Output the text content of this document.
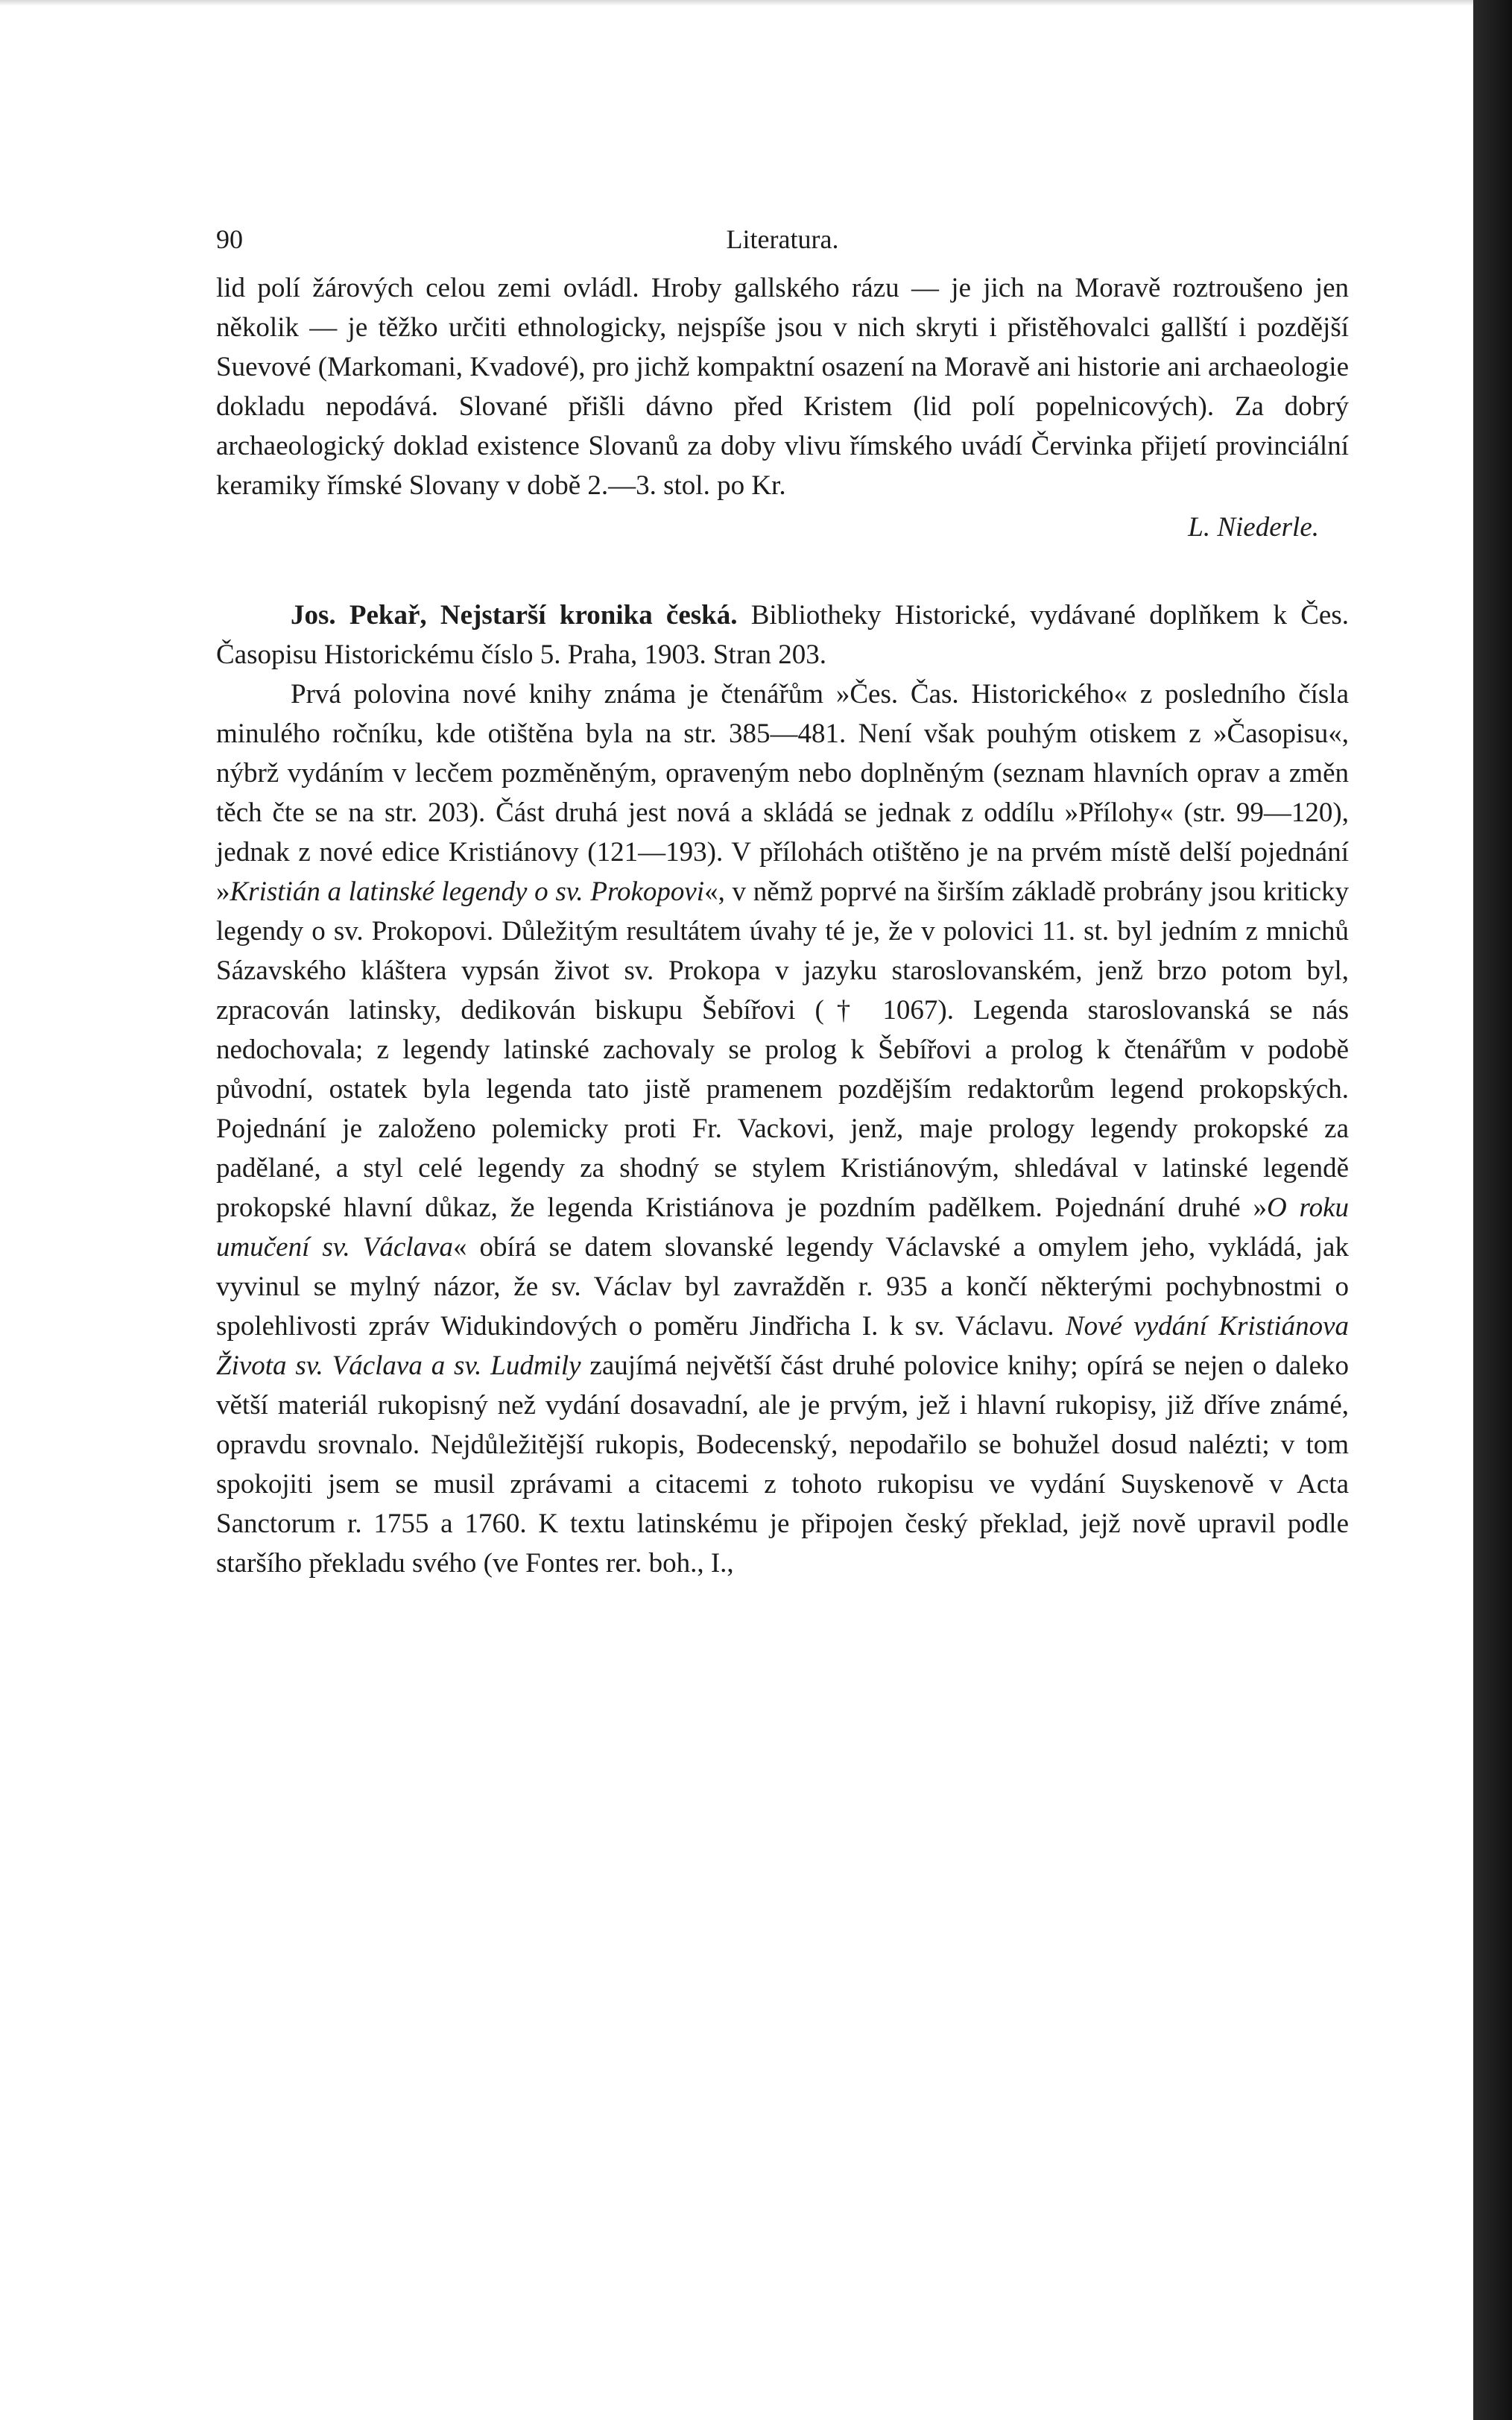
90	Literatura.

lid polí žárových celou zemi ovládl. Hroby gallského rázu — je jich na Moravě roztroušeno jen několik — je těžko určiti ethnologicky, nejspíše jsou v nich skryti i přistěhovalci gallští i pozdější Suevové (Markomani, Kvadové), pro jichž kompaktní osazení na Moravě ani historie ani archaeologie dokladu nepodává. Slované přišli dávno před Kristem (lid polí popelnicových). Za dobrý archaeologický doklad existence Slovanů za doby vlivu římského uvádí Červinka přijetí provinciální keramiky římské Slovany v době 2.—3. stol. po Kr.

L. Niederle.

Jos. Pekař, Nejstarší kronika česká. Bibliotheky Historické, vydávané doplňkem k Čes. Časopisu Historickému číslo 5. Praha, 1903. Stran 203.

Prvá polovina nové knihy známa je čtenářům »Čes. Čas. Historického« z posledního čísla minulého ročníku, kde otištěna byla na str. 385—481. Není však pouhým otiskem z »Časopisu«, nýbrž vydáním v lecčem pozměněným, opraveným nebo doplněným (seznam hlavních oprav a změn těch čte se na str. 203). Část druhá jest nová a skládá se jednak z oddílu »Přílohy« (str. 99—120), jednak z nové edice Kristiánovy (121—193). V přílohách otištěno je na prvém místě delší pojednání »Kristián a latinské legendy o sv. Prokopovi«, v němž poprvé na širším základě probrány jsou kriticky legendy o sv. Prokopovi. Důležitým resultátem úvahy té je, že v polovici 11. st. byl jedním z mnichů Sázavského kláštera vypsán život sv. Prokopa v jazyku staroslovanském, jenž brzo potom byl, zpracován latinsky, dedikován biskupu Šebířovi († 1067). Legenda staroslovanská se nás nedochovala; z legendy latinské zachovaly se prolog k Šebířovi a prolog k čtenářům v podobě původní, ostatek byla legenda tato jistě pramenem pozdějším redaktorům legend prokopských. Pojednání je založeno polemicky proti Fr. Vackovi, jenž, maje prology legendy prokopské za padělané, a styl celé legendy za shodný se stylem Kristiánovým, shledával v latinské legendě prokopské hlavní důkaz, že legenda Kristiánova je pozdním padělkem. Pojednání druhé »O roku umučení sv. Václava« obírá se datem slovanské legendy Václavské a omylem jeho, vykládá, jak vyvinul se mylný názor, že sv. Václav byl zavražděn r. 935 a končí některými pochybnostmi o spolehlivosti zpráv Widukindových o poměru Jindřicha I. k sv. Václavu. Nové vydání Kristiánova Života sv. Václava a sv. Ludmily zaujímá největší část druhé polovice knihy; opírá se nejen o daleko větší materiál rukopisný než vydání dosavadní, ale je prvým, jež i hlavní rukopisy, již dříve známé, opravdu srovnalo. Nejdůležitější rukopis, Bodecenský, nepodařilo se bohužel dosud nalézti; v tom spokojiti jsem se musil zprávami a citacemi z tohoto rukopisu ve vydání Suyskenově v Acta Sanctorum r. 1755 a 1760. K textu latinskému je připojen český překlad, jejž nově upravil podle staršího překladu svého (ve Fontes rer. boh., I.,
